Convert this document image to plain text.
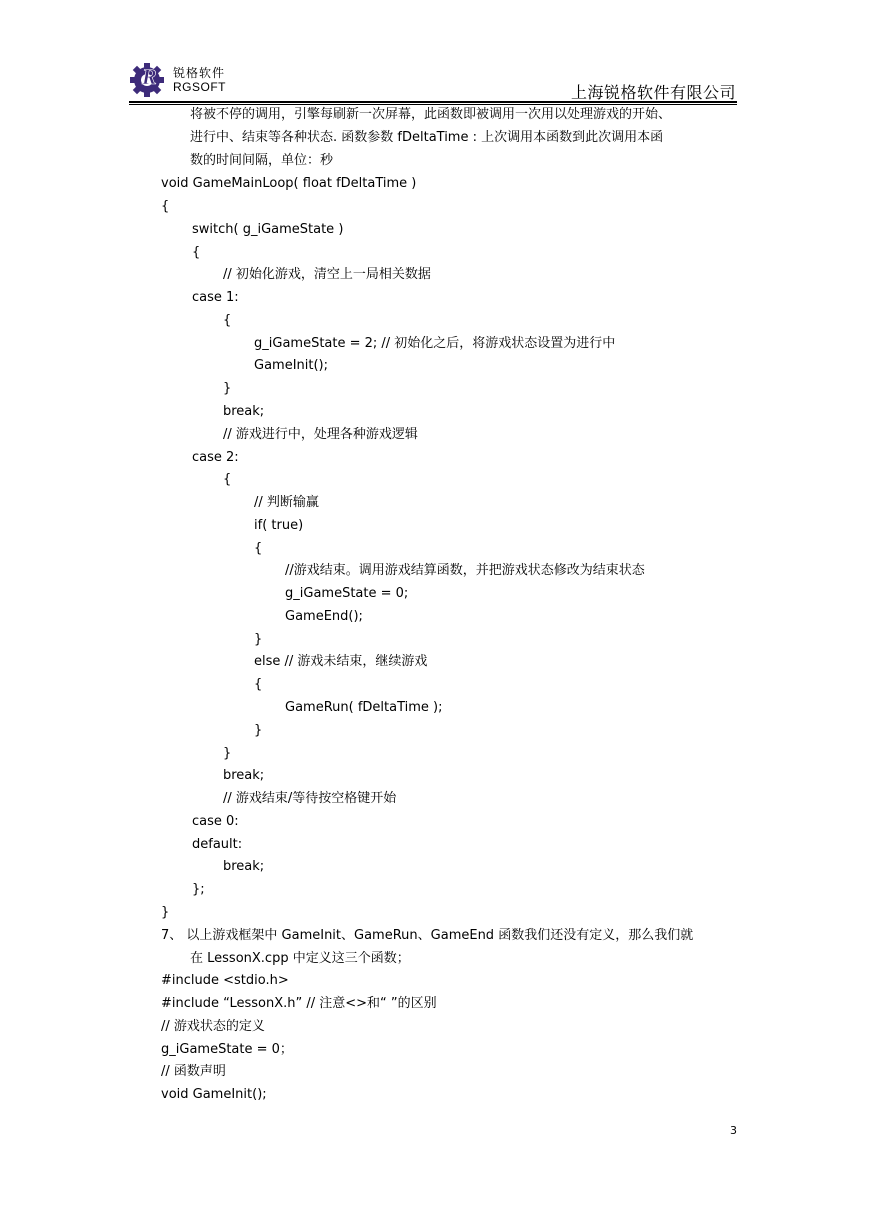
R 锐格软件
RGSOFT	上海锐格软件有限公司
将被不停的调用，引擎每刷新一次屏幕，此函数即被调用一次用以处理游戏的开始、
进行中、结束等各种状态. 函数参数 fDeltaTime : 上次调用本函数到此次调用本函
数的时间间隔，单位：秒
void GameMainLoop( float fDeltaTime )
{
switch( g_iGameState )
{
// 初始化游戏，清空上一局相关数据
case 1:
{
g_iGameState = 2; // 初始化之后，将游戏状态设置为进行中
GameInit();
}
break;
// 游戏进行中，处理各种游戏逻辑
case 2:
{
// 判断输赢
if( true)
{
//游戏结束。调用游戏结算函数，并把游戏状态修改为结束状态
g_iGameState = 0;
GameEnd();
}
else // 游戏未结束，继续游戏
{
GameRun( fDeltaTime );
}
}
break;
// 游戏结束/等待按空格键开始
case 0:
default:
break;
};
}
7、 以上游戏框架中 GameInit、GameRun、GameEnd 函数我们还没有定义，那么我们就
在 LessonX.cpp 中定义这三个函数；
#include <stdio.h>
#include “LessonX.h” // 注意<>和“ ”的区别
// 游戏状态的定义
g_iGameState = 0；
// 函数声明
void GameInit();
3
